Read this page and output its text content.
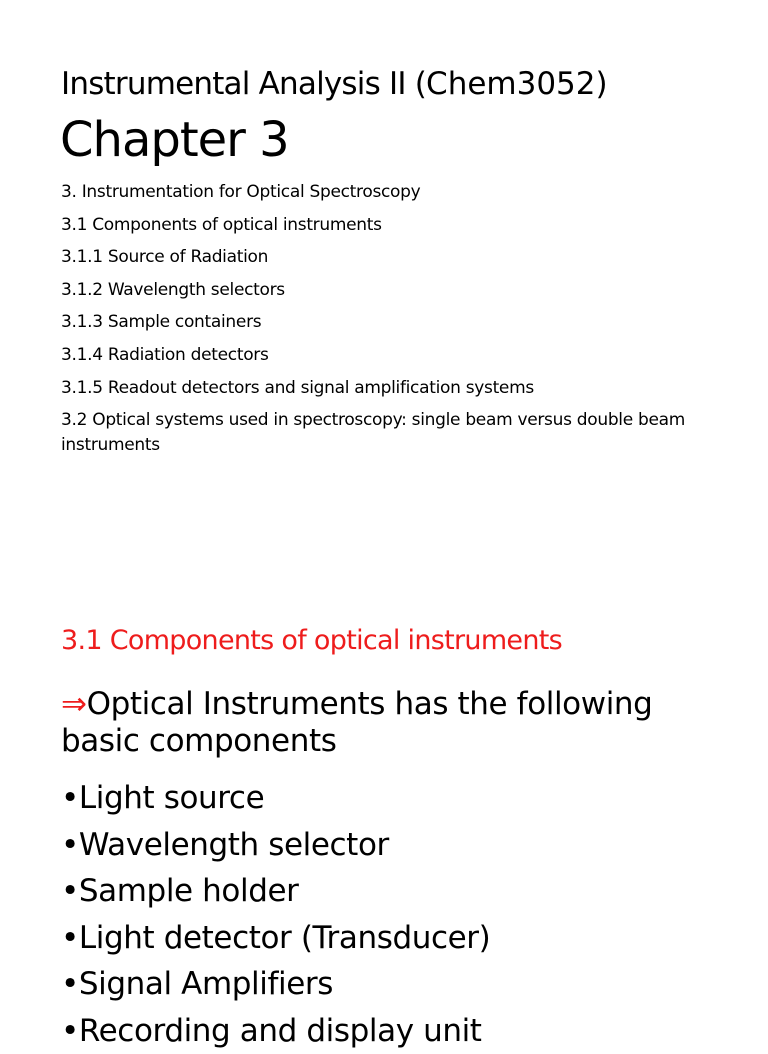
Instrumental Analysis II (Chem3052)
Chapter 3
3. Instrumentation for Optical Spectroscopy
3.1 Components of optical instruments
3.1.1 Source of Radiation
3.1.2 Wavelength selectors
3.1.3 Sample containers
3.1.4 Radiation detectors
3.1.5 Readout detectors and signal amplification systems
3.2 Optical systems used in spectroscopy: single beam versus double beam instruments
3.1 Components of optical instruments
⇒Optical Instruments has the following basic components
•Light source
•Wavelength selector
•Sample holder
•Light detector (Transducer)
•Signal Amplifiers
•Recording and display unit
